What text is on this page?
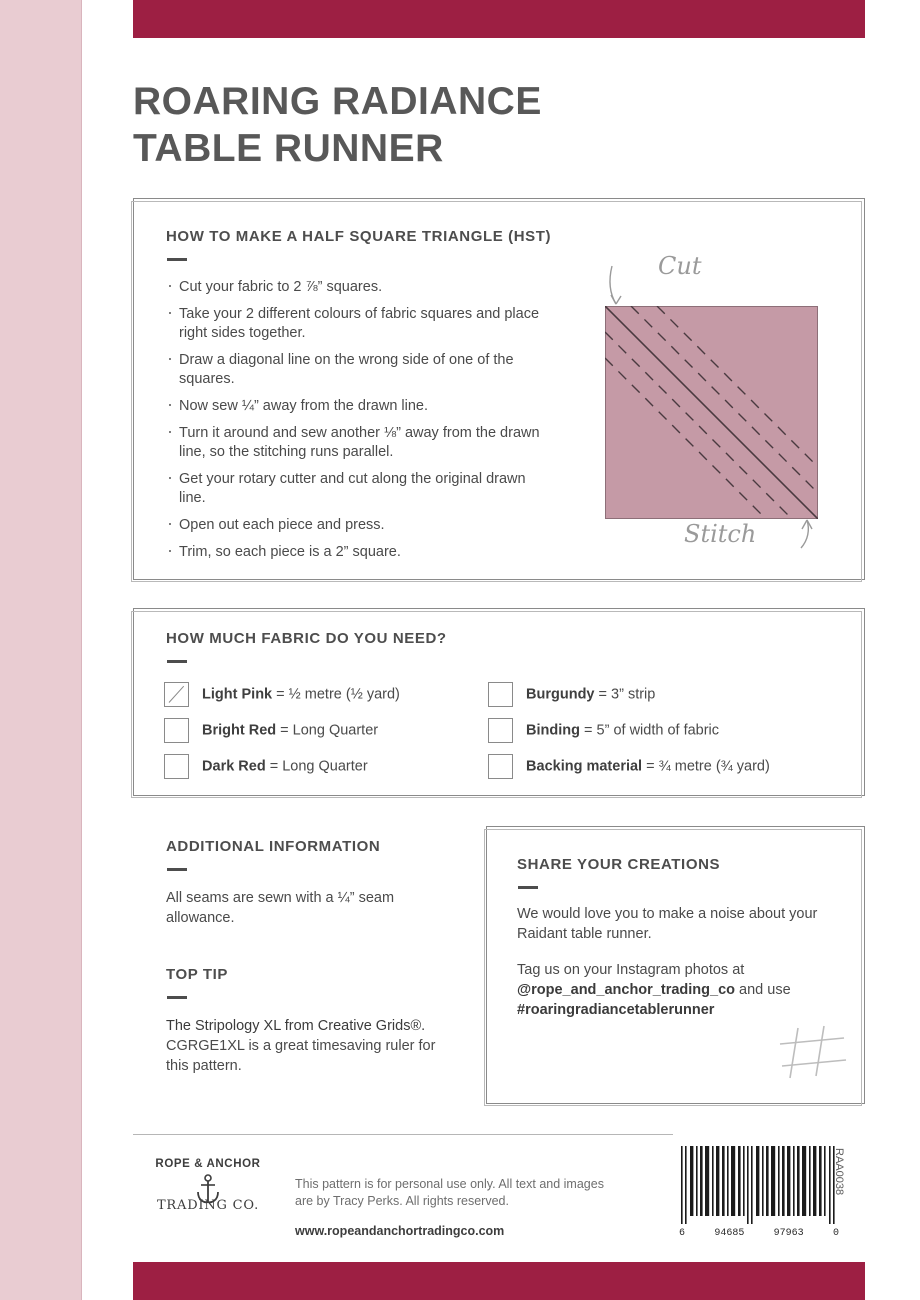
ROARING RADIANCE
TABLE RUNNER
HOW TO MAKE A HALF SQUARE TRIANGLE (HST)
· Cut your fabric to 2 ⅞” squares.
· Take your 2 different colours of fabric squares and place right sides together.
· Draw a diagonal line on the wrong side of one of the squares.
· Now sew ¼” away from the drawn line.
· Turn it around and sew another ⅛” away from the drawn line, so the stitching runs parallel.
· Get your rotary cutter and cut along the original drawn line.
· Open out each piece and press.
· Trim, so each piece is a 2” square.
Cut
Stitch
HOW MUCH FABRIC DO YOU NEED?
Light Pink = ½ metre (½ yard)
Bright Red = Long Quarter
Dark Red = Long Quarter
Burgundy = 3” strip
Binding = 5” of width of fabric
Backing material = ¾ metre (¾ yard)
ADDITIONAL INFORMATION
All seams are sewn with a ¼” seam allowance.
TOP TIP
The Stripology XL from Creative Grids®. CGRGE1XL is a great timesaving ruler for this pattern.
SHARE YOUR CREATIONS
We would love you to make a noise about your Raidant table runner.
Tag us on your Instagram photos at @rope_and_anchor_trading_co and use #roaringradiancetablerunner
ROPE & ANCHOR
TRADING CO.
This pattern is for personal use only. All text and images are by Tracy Perks. All rights reserved.
www.ropeandanchortradingco.com	6	94685	97963	0
RAA0038
